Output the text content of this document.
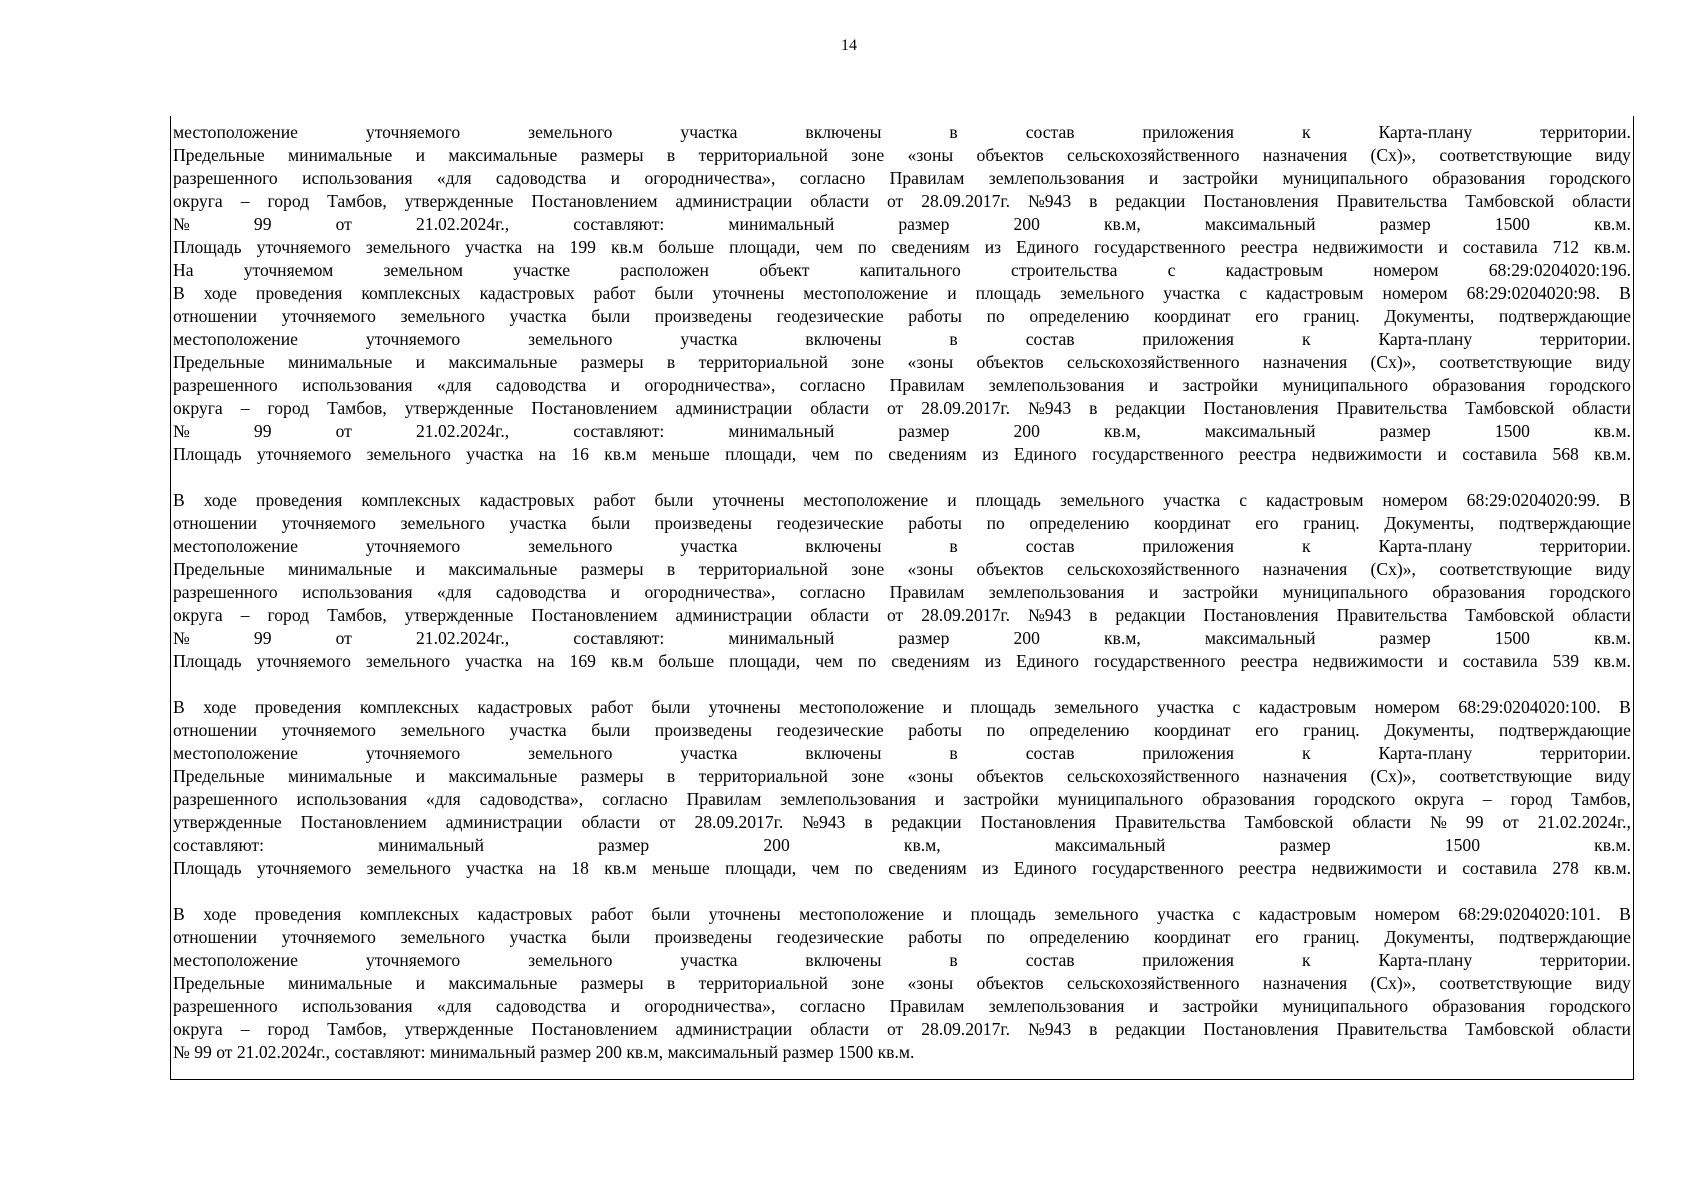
14
местоположение	уточняемого	земельного	участка	включены	в	состав	приложения	к	Карта-плану	территории.
Предельные минимальные и максимальные размеры в территориальной зоне «зоны объектов сельскохозяйственного назначения (Сх)», соответствующие виду
разрешенного использования «для садоводства и огородничества», согласно Правилам землепользования и застройки муниципального образования городского
округа – город Тамбов, утвержденные Постановлением администрации области от 28.09.2017г. №943 в редакции Постановления Правительства Тамбовской области
№	99	от	21.02.2024г.,	составляют:	минимальный	размер	200	кв.м,	максимальный	размер	1500	кв.м.
Площадь уточняемого земельного участка на 199 кв.м больше площади, чем по сведениям из Единого государственного реестра недвижимости и составила 712 кв.м.
На	уточняемом	земельном	участке	расположен	объект	капитального	строительства	с	кадастровым	номером	68:29:0204020:196.
В ходе проведения комплексных кадастровых работ были уточнены местоположение и площадь земельного участка с кадастровым номером 68:29:0204020:98. В
отношении уточняемого земельного участка были произведены геодезические работы по определению координат его границ. Документы, подтверждающие
местоположение	уточняемого	земельного	участка	включены	в	состав	приложения	к	Карта-плану	территории.
Предельные минимальные и максимальные размеры в территориальной зоне «зоны объектов сельскохозяйственного назначения (Сх)», соответствующие виду
разрешенного использования «для садоводства и огородничества», согласно Правилам землепользования и застройки муниципального образования городского
округа – город Тамбов, утвержденные Постановлением администрации области от 28.09.2017г. №943 в редакции Постановления Правительства Тамбовской области
№	99	от	21.02.2024г.,	составляют:	минимальный	размер	200	кв.м,	максимальный	размер	1500	кв.м.
Площадь уточняемого земельного участка на 16 кв.м меньше площади, чем по сведениям из Единого государственного реестра недвижимости и составила 568 кв.м.
В ходе проведения комплексных кадастровых работ были уточнены местоположение и площадь земельного участка с кадастровым номером 68:29:0204020:99. В
отношении уточняемого земельного участка были произведены геодезические работы по определению координат его границ. Документы, подтверждающие
местоположение	уточняемого	земельного	участка	включены	в	состав	приложения	к	Карта-плану	территории.
Предельные минимальные и максимальные размеры в территориальной зоне «зоны объектов сельскохозяйственного назначения (Сх)», соответствующие виду
разрешенного использования «для садоводства и огородничества», согласно Правилам землепользования и застройки муниципального образования городского
округа – город Тамбов, утвержденные Постановлением администрации области от 28.09.2017г. №943 в редакции Постановления Правительства Тамбовской области
№	99	от	21.02.2024г.,	составляют:	минимальный	размер	200	кв.м,	максимальный	размер	1500	кв.м.
Площадь уточняемого земельного участка на 169 кв.м больше площади, чем по сведениям из Единого государственного реестра недвижимости и составила 539 кв.м.
В ходе проведения комплексных кадастровых работ были уточнены местоположение и площадь земельного участка с кадастровым номером 68:29:0204020:100. В
отношении уточняемого земельного участка были произведены геодезические работы по определению координат его границ. Документы, подтверждающие
местоположение	уточняемого	земельного	участка	включены	в	состав	приложения	к	Карта-плану	территории.
Предельные минимальные и максимальные размеры в территориальной зоне «зоны объектов сельскохозяйственного назначения (Сх)», соответствующие виду
разрешенного использования «для садоводства», согласно Правилам землепользования и застройки муниципального образования городского округа – город Тамбов,
утвержденные Постановлением администрации области от 28.09.2017г. №943 в редакции Постановления Правительства Тамбовской области № 99 от 21.02.2024г.,
составляют:	минимальный	размер	200	кв.м,	максимальный	размер	1500	кв.м.
Площадь уточняемого земельного участка на 18 кв.м меньше площади, чем по сведениям из Единого государственного реестра недвижимости и составила 278 кв.м.
В ходе проведения комплексных кадастровых работ были уточнены местоположение и площадь земельного участка с кадастровым номером 68:29:0204020:101. В
отношении уточняемого земельного участка были произведены геодезические работы по определению координат его границ. Документы, подтверждающие
местоположение	уточняемого	земельного	участка	включены	в	состав	приложения	к	Карта-плану	территории.
Предельные минимальные и максимальные размеры в территориальной зоне «зоны объектов сельскохозяйственного назначения (Сх)», соответствующие виду
разрешенного использования «для садоводства и огородничества», согласно Правилам землепользования и застройки муниципального образования городского
округа – город Тамбов, утвержденные Постановлением администрации области от 28.09.2017г. №943 в редакции Постановления Правительства Тамбовской области
№
99
от
21.02.2024г.,
составляют:
минимальный
размер
200
кв.м,
максимальный
размер
1500
кв.м.
